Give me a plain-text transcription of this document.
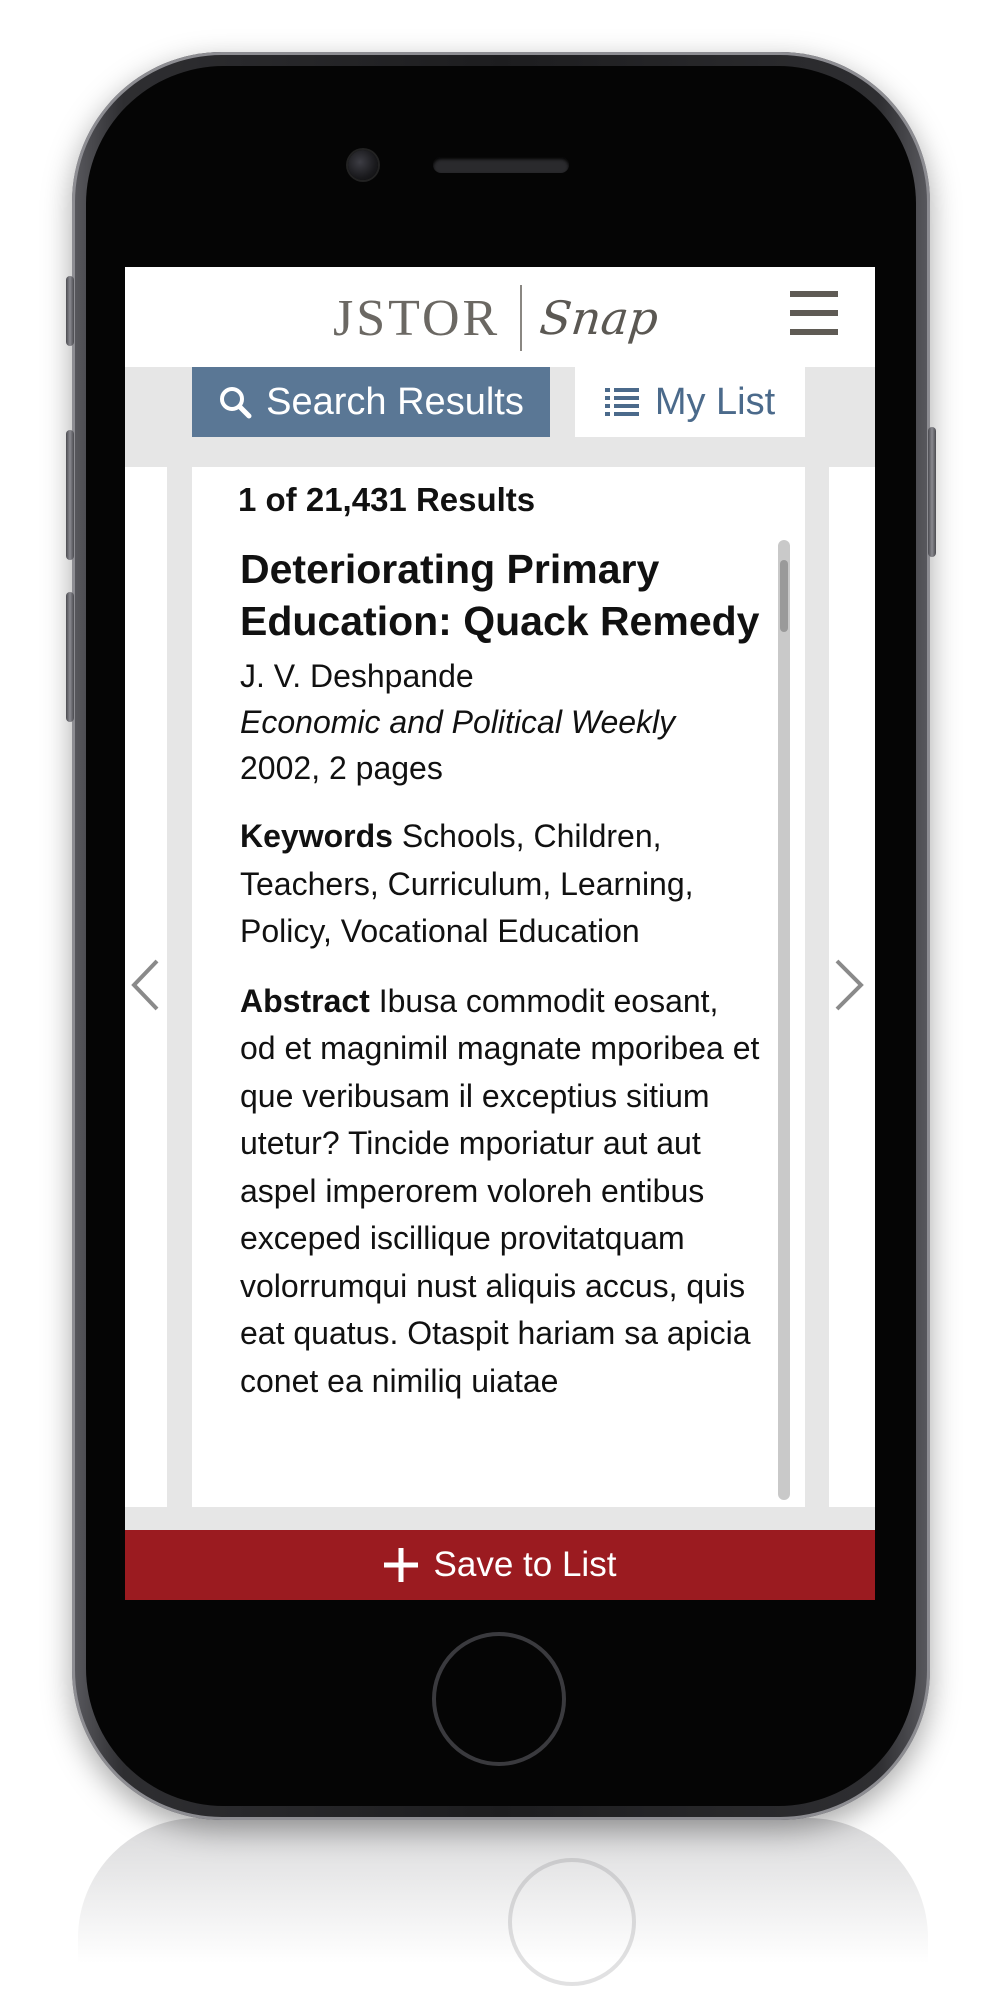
JSTOR Snap
Search Results	My List
1 of 21,431 Results
Deteriorating Primary Education: Quack Remedy
J. V. Deshpande
Economic and Political Weekly
2002, 2 pages
Keywords Schools, Children, Teachers, Curriculum, Learning, Policy, Vocational Education
Abstract Ibusa commodit eosant, od et magnimil magnate mporibea et que veribusam il exceptius sitium utetur? Tincide mporiatur aut aut aspel imperorem voloreh entibus exceped iscillique provitatquam volorrumqui nust aliquis accus, quis eat quatus. Otaspit hariam sa apicia conet ea nimiliq uiatae
Save to List
